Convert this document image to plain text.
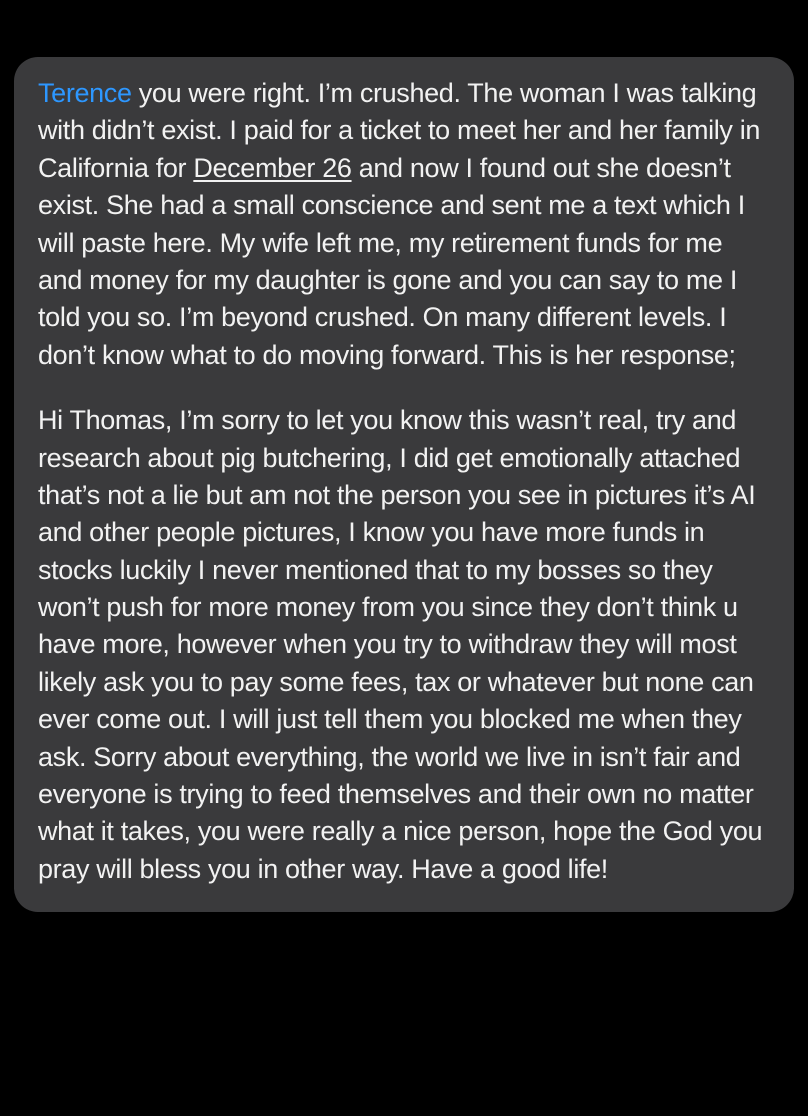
Yesterday 7:11 PM
Terence you were right. I’m crushed. The woman I was talking with didn’t exist. I paid for a ticket to meet her and her family in California for December 26 and now I found out she doesn’t exist. She had a small conscience and sent me a text which I will paste here. My wife left me, my retirement funds for me and money for my daughter is gone and you can say to me I told you so. I’m beyond crushed. On many different levels. I don’t know what to do moving forward. This is her response;
Hi Thomas, I’m sorry to let you know this wasn’t real, try and research about pig butchering, I did get emotionally attached that’s not a lie but am not the person you see in pictures it’s AI and other people pictures, I know you have more funds in stocks luckily I never mentioned that to my bosses so they won’t push for more money from you since they don’t think u have more, however when you try to withdraw they will most likely ask you to pay some fees, tax or whatever but none can ever come out. I will just tell them you blocked me when they ask. Sorry about everything, the world we live in isn’t fair and everyone is trying to feed themselves and their own no matter what it takes, you were really a nice person, hope the God you pray will bless you in other way. Have a good life!
